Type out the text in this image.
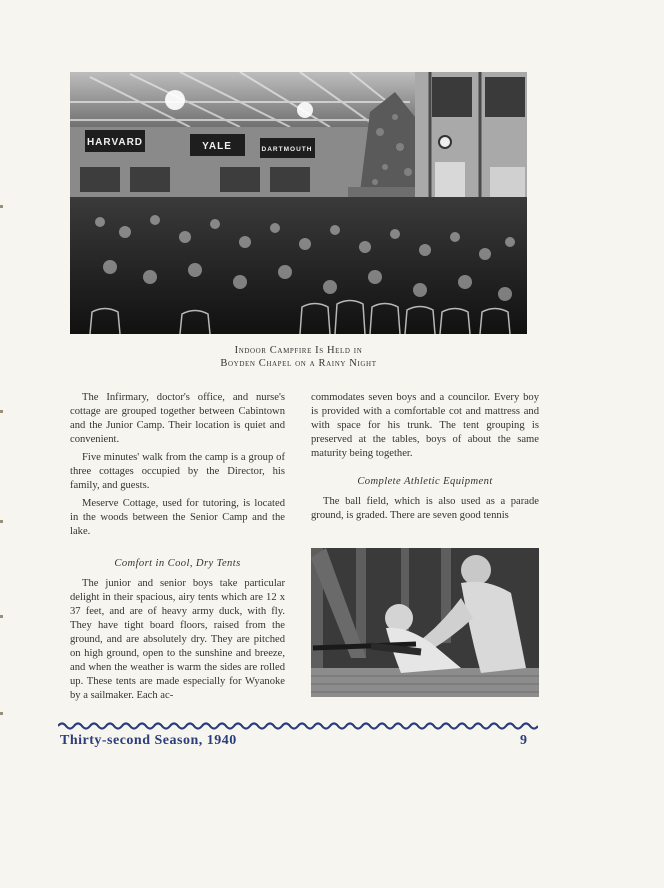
HARVARD	YALE	DARTMOUTH
Indoor Campfire Is Held in
Boyden Chapel on a Rainy Night

The Infirmary, doctor's office, and nurse's cottage are grouped together between Cabintown and the Junior Camp. Their location is quiet and convenient.

Five minutes' walk from the camp is a group of three cottages occupied by the Director, his family, and guests.

Meserve Cottage, used for tutoring, is located in the woods between the Senior Camp and the lake.

Comfort in Cool, Dry Tents

The junior and senior boys take particular delight in their spacious, airy tents which are 12 x 37 feet, and are of heavy army duck, with fly. They have tight board floors, raised from the ground, and are absolutely dry. They are pitched on high ground, open to the sunshine and breeze, and when the weather is warm the sides are rolled up. These tents are made especially for Wyanoke by a sailmaker. Each ac-

commodates seven boys and a councilor. Every boy is provided with a comfortable cot and mattress and with space for his trunk. The tent grouping is preserved at the tables, boys of about the same maturity being together.

Complete Athletic Equipment

The ball field, which is also used as a parade ground, is graded. There are seven good tennis

Thirty-second Season, 1940	9
